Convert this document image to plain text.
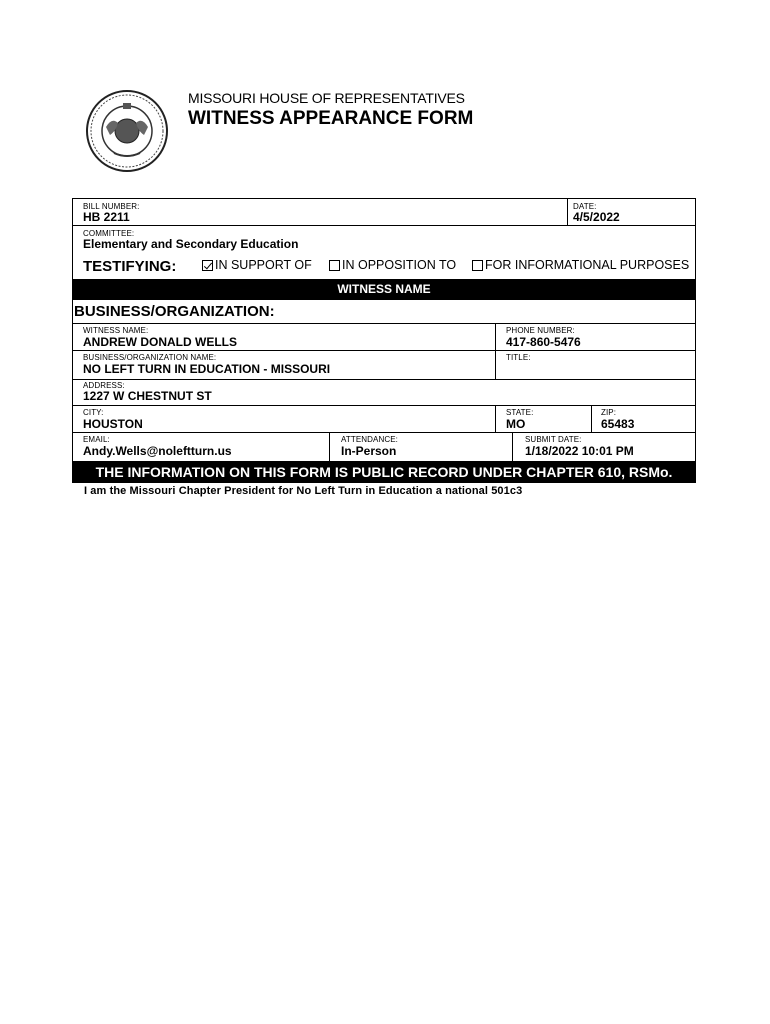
MISSOURI HOUSE OF REPRESENTATIVES
WITNESS APPEARANCE FORM
BILL NUMBER:
HB 2211
DATE:
4/5/2022
COMMITTEE:
Elementary and Secondary Education
TESTIFYING:	IN SUPPORT OF IN OPPOSITION TO FOR INFORMATIONAL PURPOSES
WITNESS NAME
BUSINESS/ORGANIZATION:
WITNESS NAME:
ANDREW DONALD WELLS
PHONE NUMBER:
417-860-5476
BUSINESS/ORGANIZATION NAME:
NO LEFT TURN IN EDUCATION - MISSOURI
TITLE:
ADDRESS:
1227 W CHESTNUT ST
CITY:
HOUSTON
STATE:
MO
ZIP:
65483
EMAIL:
Andy.Wells@noleftturn.us
ATTENDANCE:
In-Person
SUBMIT DATE:
1/18/2022 10:01 PM
THE INFORMATION ON THIS FORM IS PUBLIC RECORD UNDER CHAPTER 610, RSMo.
I am the Missouri Chapter President for No Left Turn in Education a national 501c3
